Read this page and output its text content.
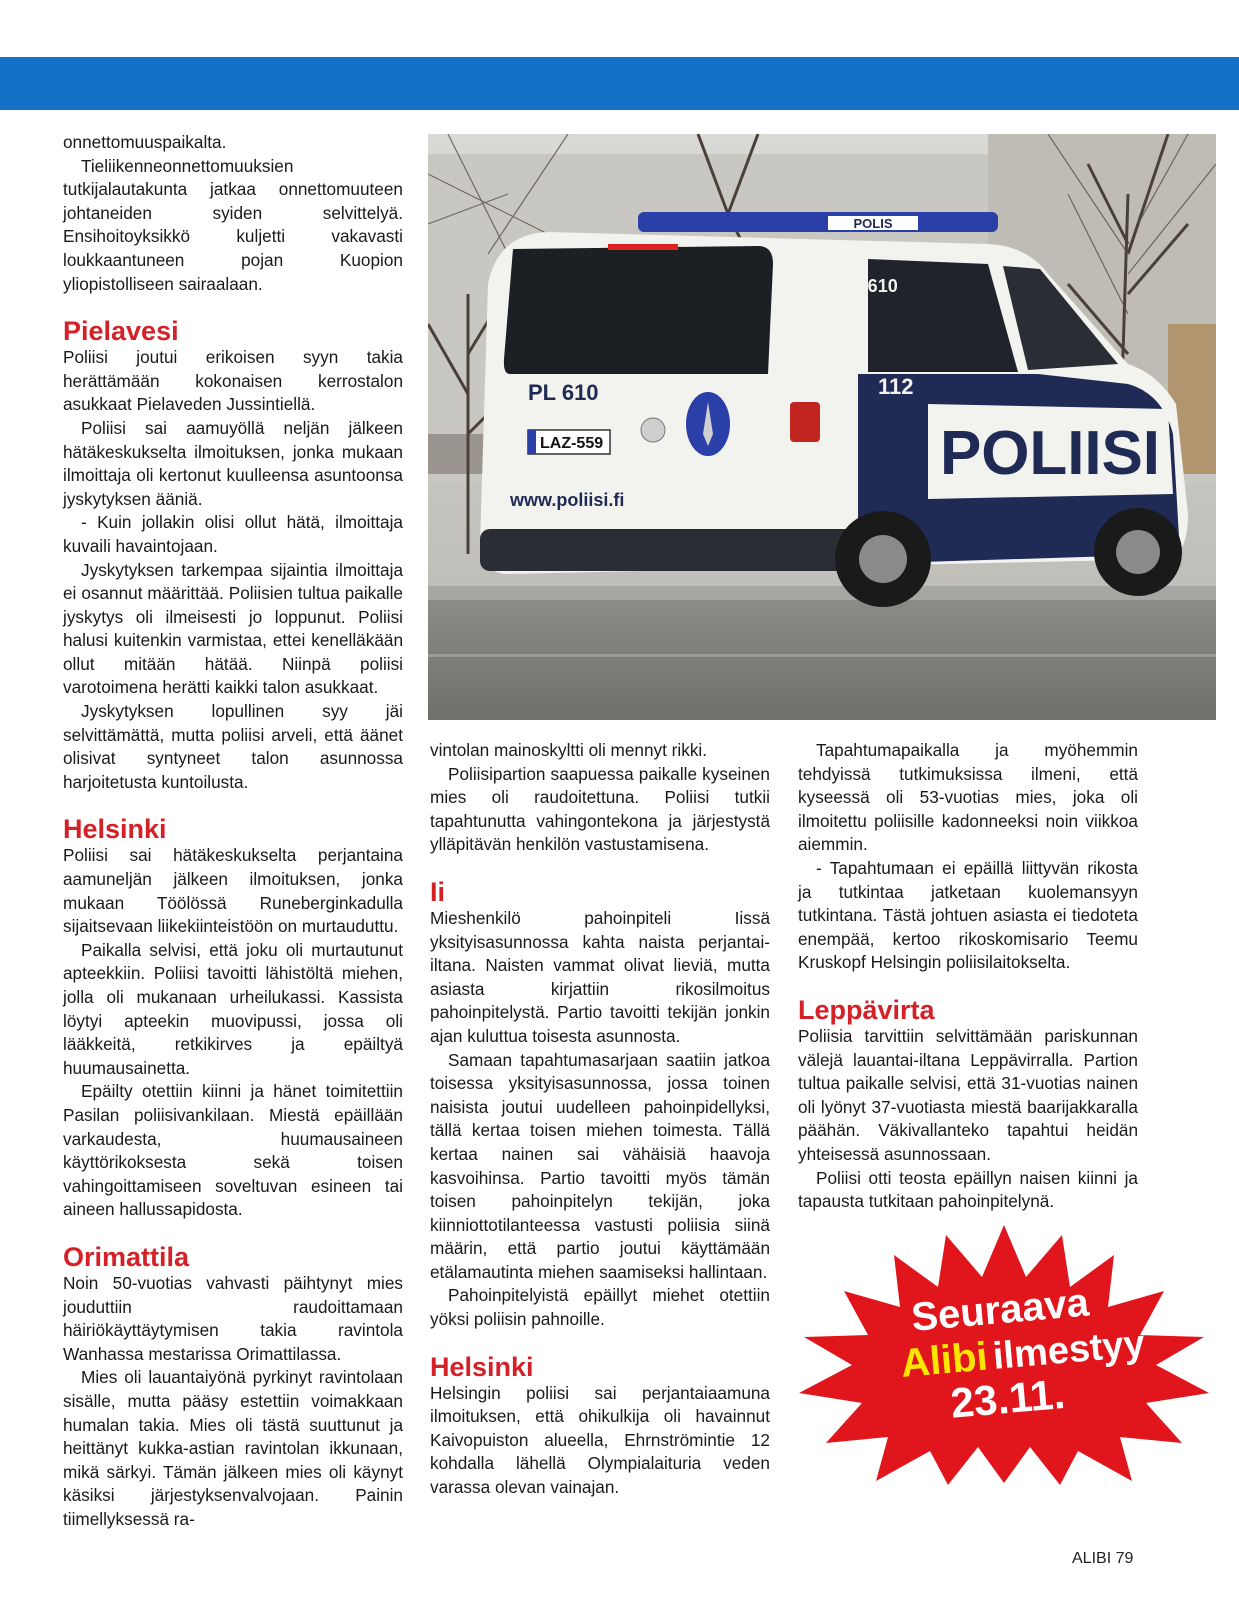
onnettomuuspaikalta.

Tieliikenneonnettomuuksien tutkijalautakunta jatkaa onnettomuuteen johtaneiden syiden selvittelyä. Ensihoitoyksikkö kuljetti vakavasti loukkaantuneen pojan Kuopion yliopistolliseen sairaalaan.

Pielavesi

Poliisi joutui erikoisen syyn takia herättämään kokonaisen kerrostalon asukkaat Pielaveden Jussintiellä.

Poliisi sai aamuyöllä neljän jälkeen hätäkeskukselta ilmoituksen, jonka mukaan ilmoittaja oli kertonut kuulleensa asuntoonsa jyskytyksen ääniä.

- Kuin jollakin olisi ollut hätä, ilmoittaja kuvaili havaintojaan.

Jyskytyksen tarkempaa sijaintia ilmoittaja ei osannut määrittää. Poliisien tultua paikalle jyskytys oli ilmeisesti jo loppunut. Poliisi halusi kuitenkin varmistaa, ettei kenelläkään ollut mitään hätää. Niinpä poliisi varotoimena herätti kaikki talon asukkaat.

Jyskytyksen lopullinen syy jäi selvittämättä, mutta poliisi arveli, että äänet olisivat syntyneet talon asunnossa harjoitetusta kuntoilusta.

Helsinki

Poliisi sai hätäkeskukselta perjantaina aamuneljän jälkeen ilmoituksen, jonka mukaan Töölössä Runeberginkadulla sijaitsevaan liikekiinteistöön on murtauduttu.

Paikalla selvisi, että joku oli murtautunut apteekkiin. Poliisi tavoitti lähistöltä miehen, jolla oli mukanaan urheilukassi. Kassista löytyi apteekin muovipussi, jossa oli lääkkeitä, retkikirves ja epäiltyä huumausainetta.

Epäilty otettiin kiinni ja hänet toimitettiin Pasilan poliisivankilaan. Miestä epäillään varkaudesta, huumausaineen käyttörikoksesta sekä toisen vahingoittamiseen soveltuvan esineen tai aineen hallussapidosta.

Orimattila

Noin 50-vuotias vahvasti päihtynyt mies jouduttiin raudoittamaan häiriökäyttäytymisen takia ravintola Wanhassa mestarissa Orimattilassa.

Mies oli lauantaiyönä pyrkinyt ravintolaan sisälle, mutta pääsy estettiin voimakkaan humalan takia. Mies oli tästä suuttunut ja heittänyt kukka-astian ravintolan ikkunaan, mikä särkyi. Tämän jälkeen mies oli käynyt käsiksi järjestyksenvalvojaan. Painin tiimellyksessä ra-

POLIS
PL 610
PL 610
112
POLIISI
LAZ-559
www.poliisi.fi

vintolan mainoskyltti oli mennyt rikki.

Poliisipartion saapuessa paikalle kyseinen mies oli raudoitettuna. Poliisi tutkii tapahtunutta vahingontekona ja järjestystä ylläpitävän henkilön vastustamisena.

Ii

Mieshenkilö pahoinpiteli Iissä yksityisasunnossa kahta naista perjantai-iltana. Naisten vammat olivat lieviä, mutta asiasta kirjattiin rikosilmoitus pahoinpitelystä. Partio tavoitti tekijän jonkin ajan kuluttua toisesta asunnosta.

Samaan tapahtumasarjaan saatiin jatkoa toisessa yksityisasunnossa, jossa toinen naisista joutui uudelleen pahoinpidellyksi, tällä kertaa toisen miehen toimesta. Tällä kertaa nainen sai vähäisiä haavoja kasvoihinsa. Partio tavoitti myös tämän toisen pahoinpitelyn tekijän, joka kiinniottotilanteessa vastusti poliisia siinä määrin, että partio joutui käyttämään etälamautinta miehen saamiseksi hallintaan.

Pahoinpitelyistä epäillyt miehet otettiin yöksi poliisin pahnoille.

Helsinki

Helsingin poliisi sai perjantaiaamuna ilmoituksen, että ohikulkija oli havainnut Kaivopuiston alueella, Ehrnströmintie 12 kohdalla lähellä Olympialaituria veden varassa olevan vainajan.

Tapahtumapaikalla ja myöhemmin tehdyissä tutkimuksissa ilmeni, että kyseessä oli 53-vuotias mies, joka oli ilmoitettu poliisille kadonneeksi noin viikkoa aiemmin.

- Tapahtumaan ei epäillä liittyvän rikosta ja tutkintaa jatketaan kuolemansyyn tutkintana. Tästä johtuen asiasta ei tiedoteta enempää, kertoo rikoskomisario Teemu Kruskopf Helsingin poliisilaitokselta.

Leppävirta

Poliisia tarvittiin selvittämään pariskunnan välejä lauantai-iltana Leppävirralla. Partion tultua paikalle selvisi, että 31-vuotias nainen oli lyönyt 37-vuotiasta miestä baarijakkaralla päähän. Väkivallanteko tapahtui heidän yhteisessä asunnossaan.

Poliisi otti teosta epäillyn naisen kiinni ja tapausta tutkitaan pahoinpitelynä.

Seuraava
Alibi ilmestyy
23.11.
ALIBI 79
